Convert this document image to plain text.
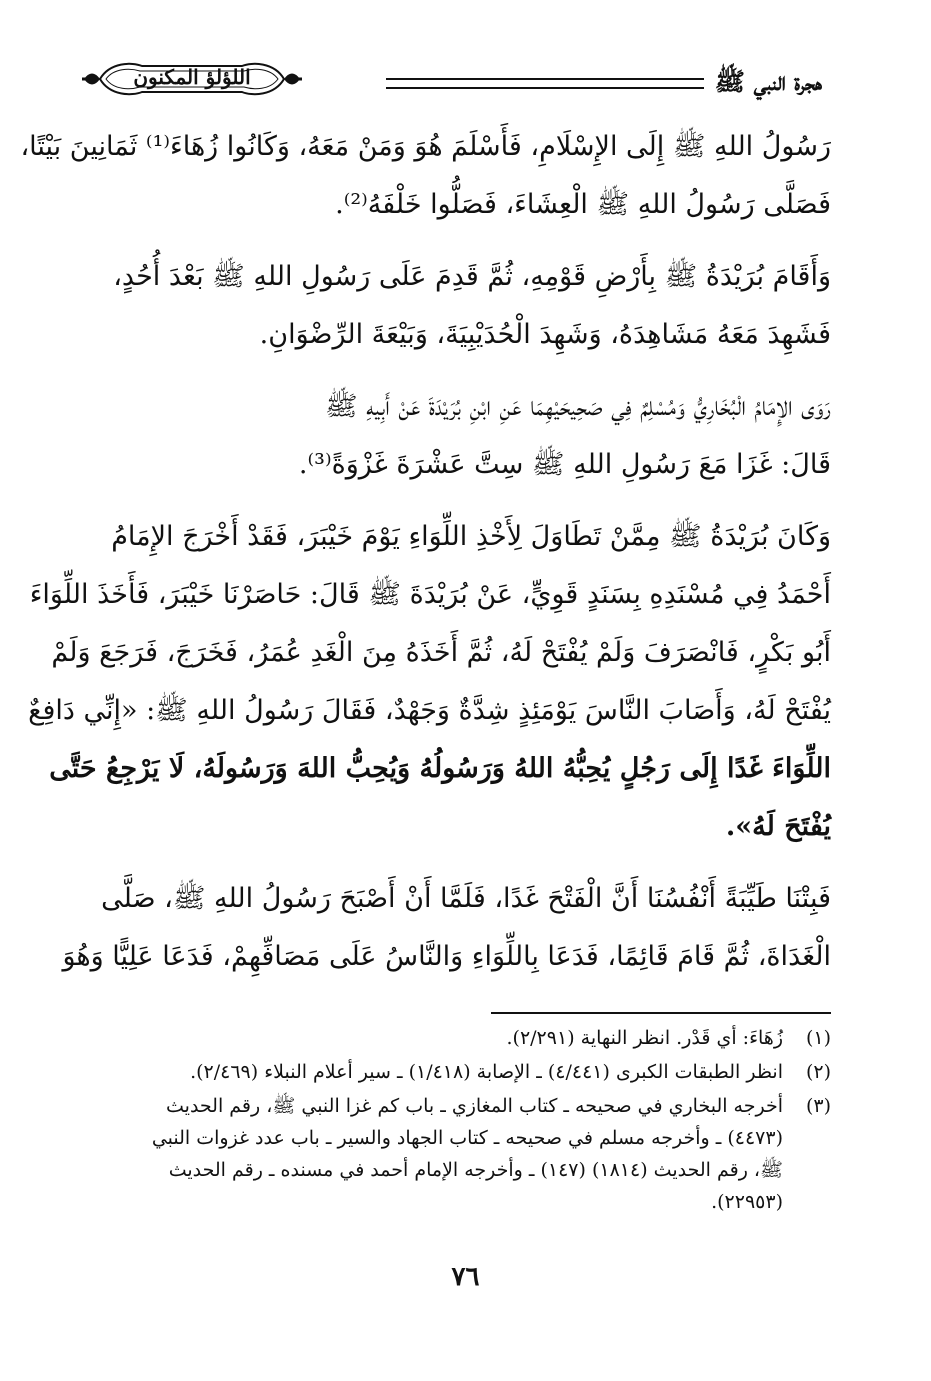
هجرة النبي ﷺ
اللؤلؤ المكنون
رَسُولُ اللهِ ﷺ إِلَى الإِسْلَامِ، فَأَسْلَمَ هُوَ وَمَنْ مَعَهُ، وَكَانُوا زُهَاءَ⁽¹⁾ ثَمَانِينَ بَيْتًا،
فَصَلَّى رَسُولُ اللهِ ﷺ الْعِشَاءَ، فَصَلُّوا خَلْفَهُ⁽²⁾.
وَأَقَامَ بُرَيْدَةُ ﷺ بِأَرْضِ قَوْمِهِ، ثُمَّ قَدِمَ عَلَى رَسُولِ اللهِ ﷺ بَعْدَ أُحُدٍ،
فَشَهِدَ مَعَهُ مَشَاهِدَهُ، وَشَهِدَ الْحُدَيْبِيَةَ، وَبَيْعَةَ الرِّضْوَانِ.
رَوَى الإِمَامُ الْبُخَارِيُّ وَمُسْلِمٌ فِي صَحِيحَيْهِمَا عَنِ ابْنِ بُرَيْدَةَ عَنْ أَبِيهِ ﷺ
قَالَ: غَزَا مَعَ رَسُولِ اللهِ ﷺ سِتَّ عَشْرَةَ غَزْوَةً⁽³⁾.
وَكَانَ بُرَيْدَةُ ﷺ مِمَّنْ تَطَاوَلَ لِأَخْذِ اللِّوَاءِ يَوْمَ خَيْبَرَ، فَقَدْ أَخْرَجَ الإِمَامُ
أَحْمَدُ فِي مُسْنَدِهِ بِسَنَدٍ قَوِيٍّ، عَنْ بُرَيْدَةَ ﷺ قَالَ: حَاصَرْنَا خَيْبَرَ، فَأَخَذَ اللِّوَاءَ
أَبُو بَكْرٍ، فَانْصَرَفَ وَلَمْ يُفْتَحْ لَهُ، ثُمَّ أَخَذَهُ مِنَ الْغَدِ عُمَرُ، فَخَرَجَ، فَرَجَعَ وَلَمْ
يُفْتَحْ لَهُ، وَأَصَابَ النَّاسَ يَوْمَئِذٍ شِدَّةٌ وَجَهْدٌ، فَقَالَ رَسُولُ اللهِ ﷺ: «إِنِّي دَافِعٌ
اللِّوَاءَ غَدًا إِلَى رَجُلٍ يُحِبُّهُ اللهُ وَرَسُولُهُ وَيُحِبُّ اللهَ وَرَسُولَهُ، لَا يَرْجِعُ حَتَّى
يُفْتَحَ لَهُ».
فَبِتْنَا طَيِّبَةً أَنْفُسُنَا أَنَّ الْفَتْحَ غَدًا، فَلَمَّا أَنْ أَصْبَحَ رَسُولُ اللهِ ﷺ، صَلَّى
الْغَدَاةَ، ثُمَّ قَامَ قَائِمًا، فَدَعَا بِاللِّوَاءِ وَالنَّاسُ عَلَى مَصَافِّهِمْ، فَدَعَا عَلِيًّا وَهُوَ
(١)
زُهَاءَ: أي قَدْر. انظر النهاية (٢/٢٩١).
(٢)
انظر الطبقات الكبرى (٤/٤٤١) ـ الإصابة (١/٤١٨) ـ سير أعلام النبلاء (٢/٤٦٩).
(٣)
أخرجه البخاري في صحيحه ـ كتاب المغازي ـ باب كم غزا النبي ﷺ، رقم الحديث
(٤٤٧٣) ـ وأخرجه مسلم في صحيحه ـ كتاب الجهاد والسير ـ باب عدد غزوات النبي
ﷺ، رقم الحديث (١٨١٤) (١٤٧) ـ وأخرجه الإمام أحمد في مسنده ـ رقم الحديث
(٢٢٩٥٣).
٧٦
